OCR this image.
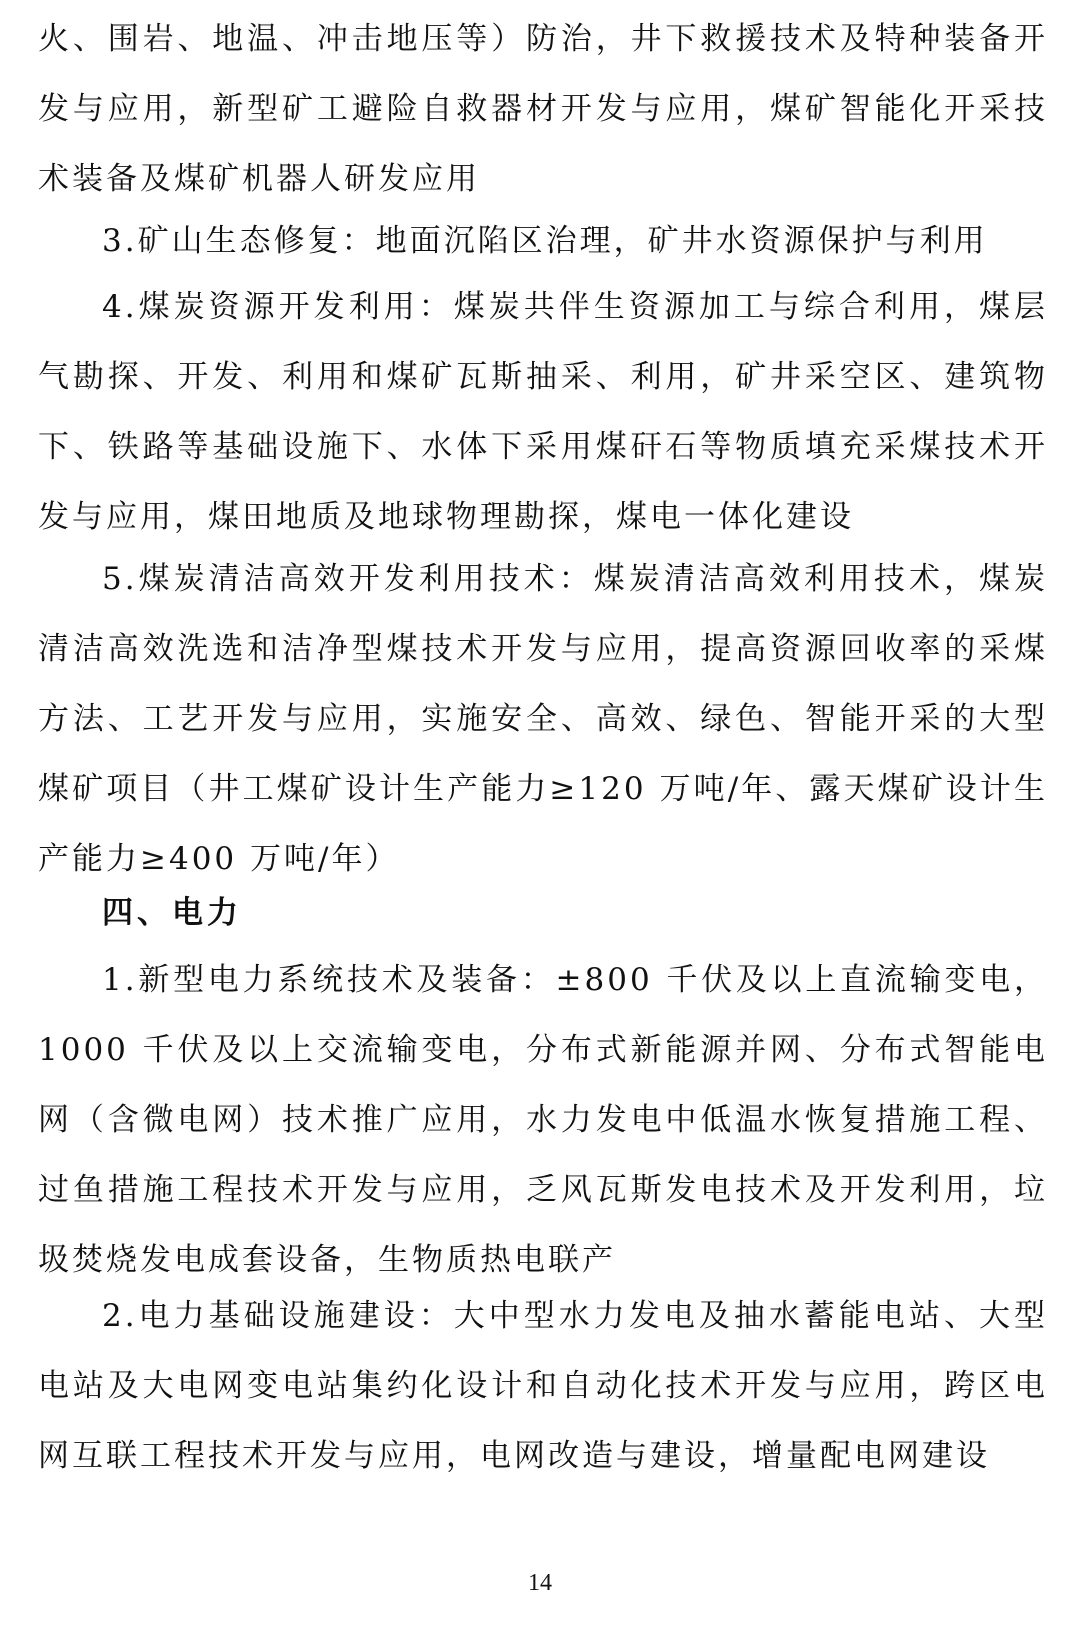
火、围岩、地温、冲击地压等）防治，井下救援技术及特种装备开发与应用，新型矿工避险自救器材开发与应用，煤矿智能化开采技术装备及煤矿机器人研发应用

3.矿山生态修复：地面沉陷区治理，矿井水资源保护与利用

4.煤炭资源开发利用：煤炭共伴生资源加工与综合利用，煤层气勘探、开发、利用和煤矿瓦斯抽采、利用，矿井采空区、建筑物下、铁路等基础设施下、水体下采用煤矸石等物质填充采煤技术开发与应用，煤田地质及地球物理勘探，煤电一体化建设

5.煤炭清洁高效开发利用技术：煤炭清洁高效利用技术，煤炭清洁高效洗选和洁净型煤技术开发与应用，提高资源回收率的采煤方法、工艺开发与应用，实施安全、高效、绿色、智能开采的大型煤矿项目（井工煤矿设计生产能力≥120 万吨/年、露天煤矿设计生产能力≥400 万吨/年）

四、电力

1.新型电力系统技术及装备：±800 千伏及以上直流输变电，1000 千伏及以上交流输变电，分布式新能源并网、分布式智能电网（含微电网）技术推广应用，水力发电中低温水恢复措施工程、过鱼措施工程技术开发与应用，乏风瓦斯发电技术及开发利用，垃圾焚烧发电成套设备，生物质热电联产

2.电力基础设施建设：大中型水力发电及抽水蓄能电站、大型电站及大电网变电站集约化设计和自动化技术开发与应用，跨区电网互联工程技术开发与应用，电网改造与建设，增量配电网建设

14
